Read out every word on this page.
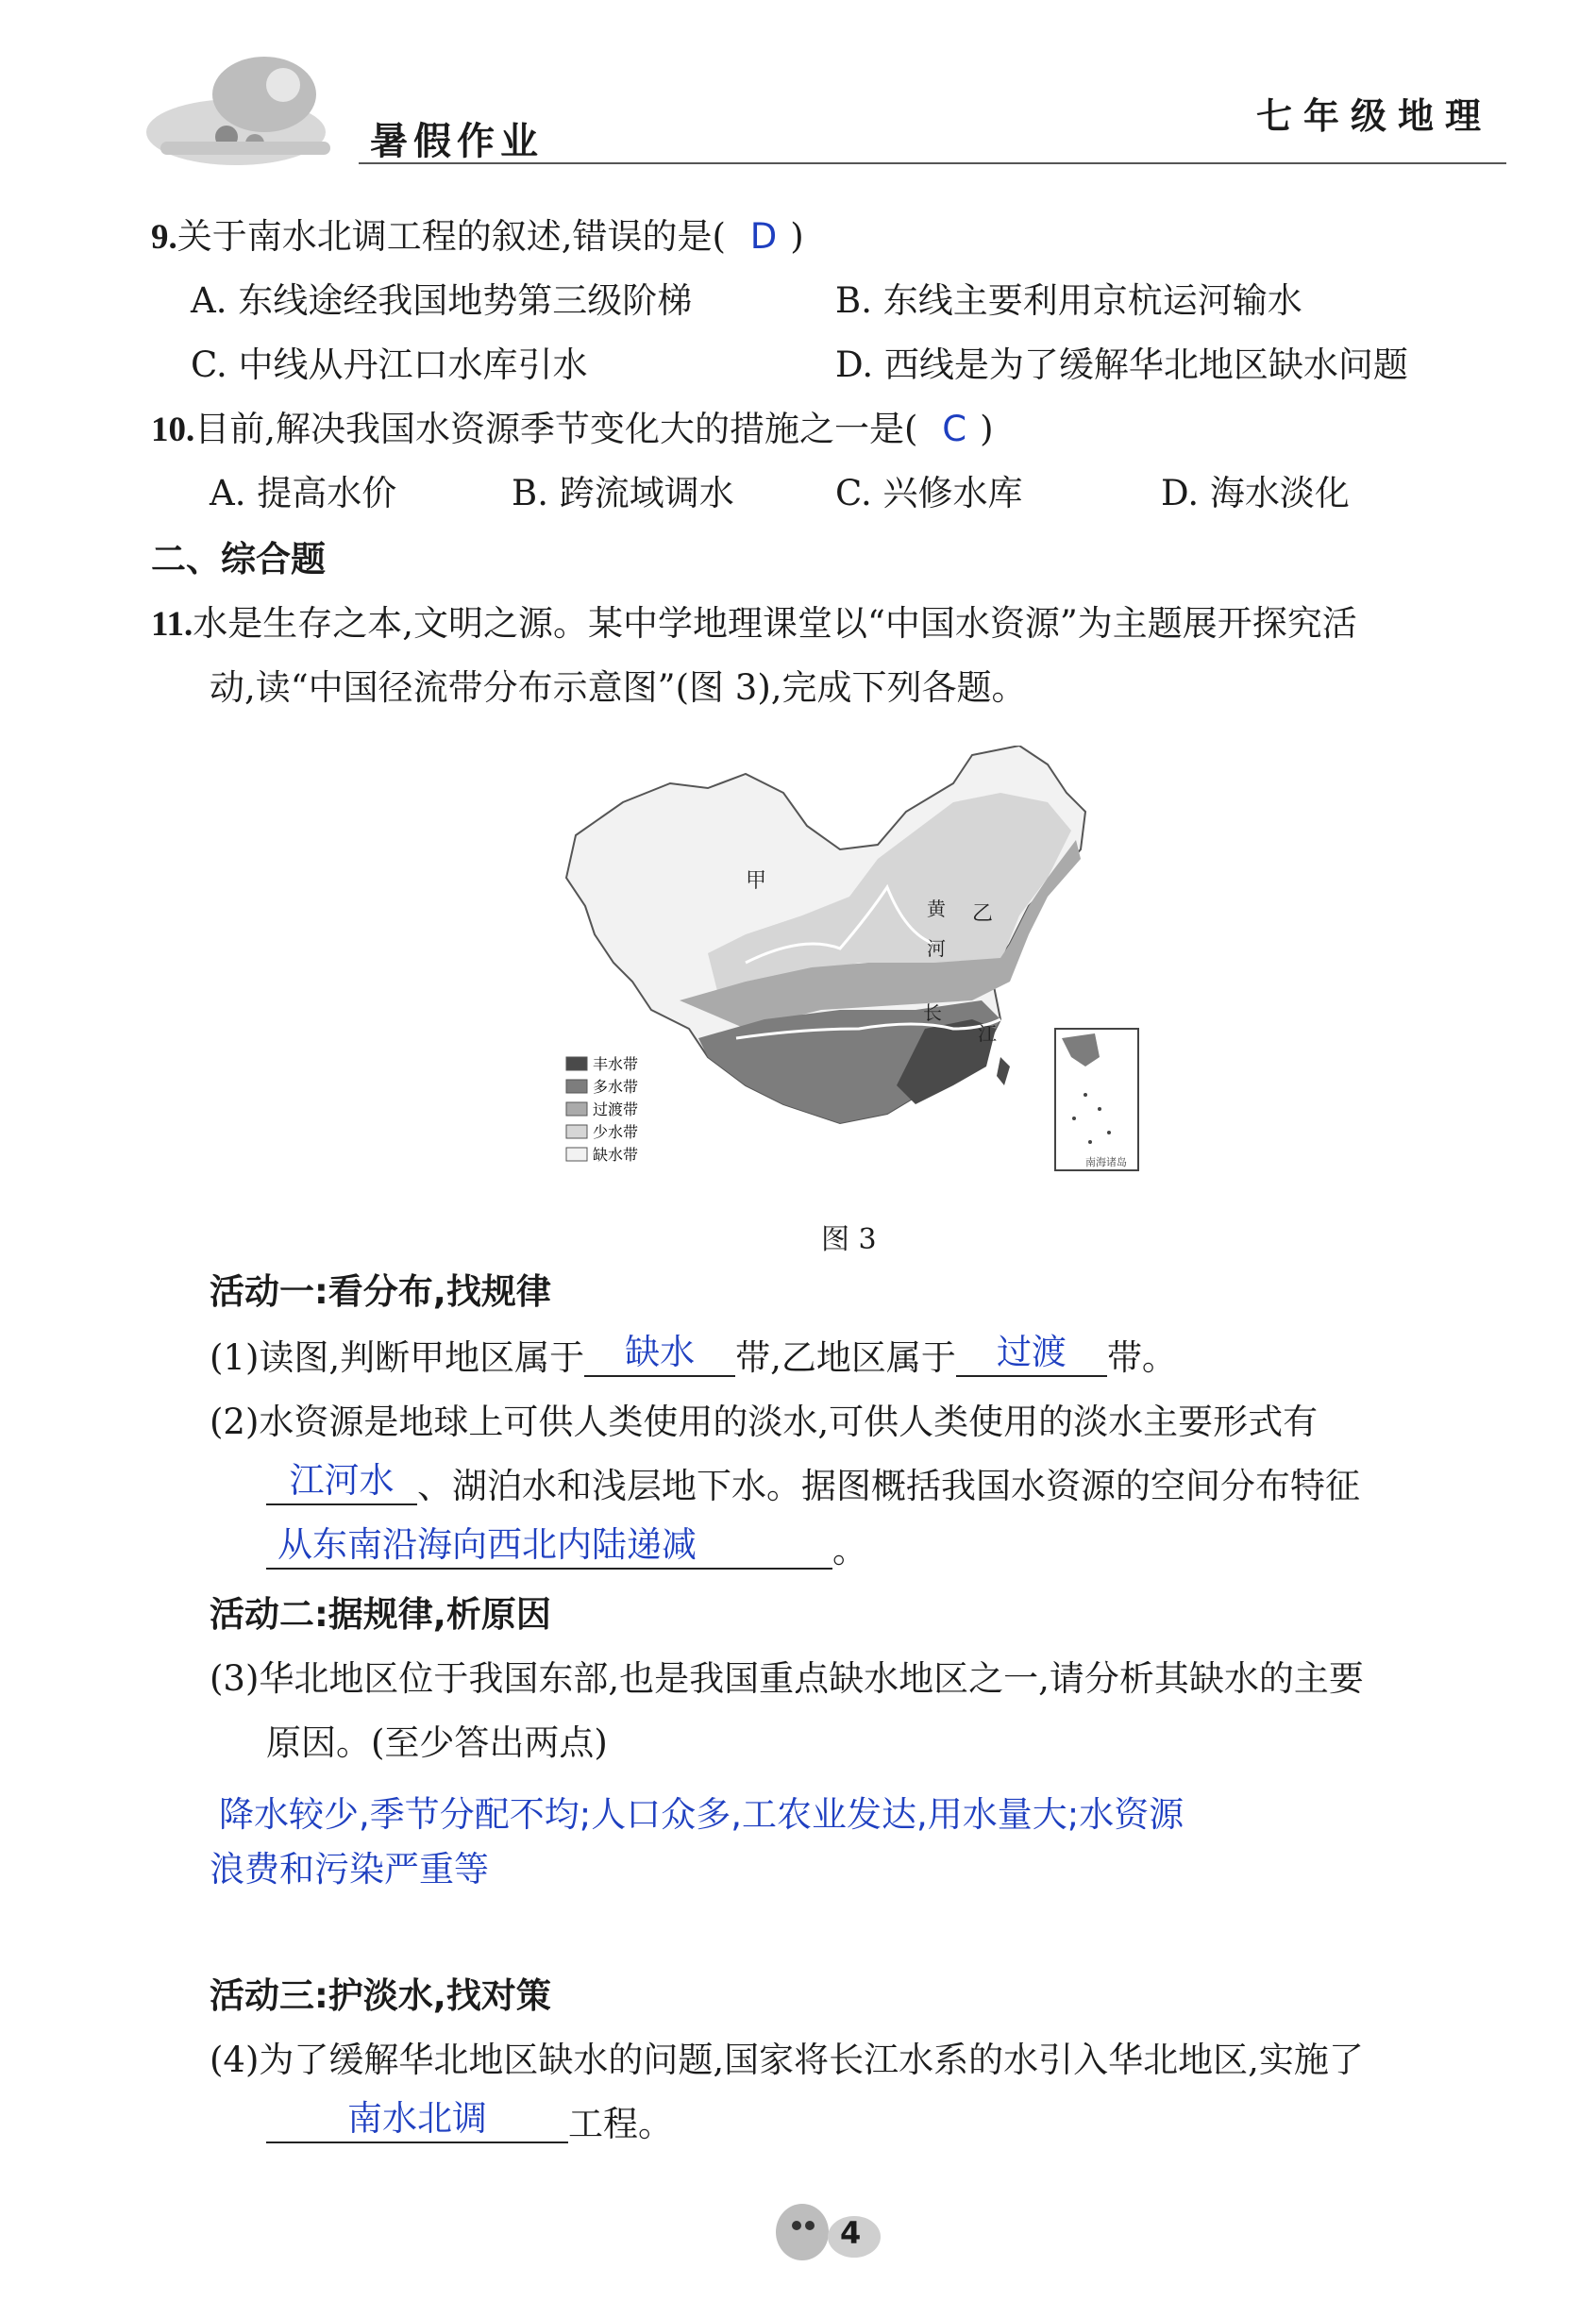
暑假作业
七年级地理
9.关于南水北调工程的叙述,错误的是( D )
A. 东线途经我国地势第三级阶梯	B. 东线主要利用京杭运河输水
C. 中线从丹江口水库引水	D. 西线是为了缓解华北地区缺水问题
10.目前,解决我国水资源季节变化大的措施之一是( C )
A. 提高水价	B. 跨流域调水	C. 兴修水库	D. 海水淡化
二、综合题
11.水是生存之本,文明之源。某中学地理课堂以“中国水资源”为主题展开探究活
动,读“中国径流带分布示意图”(图 3),完成下列各题。
甲
乙
黄
河
长
江
丰水带
多水带
过渡带
少水带
缺水带	南海诸岛
图 3
活动一:看分布,找规律
(1)读图,判断甲地区属于 缺水 带,乙地区属于 过渡 带。
(2)水资源是地球上可供人类使用的淡水,可供人类使用的淡水主要形式有
江河水 、湖泊水和浅层地下水。据图概括我国水资源的空间分布特征
从东南沿海向西北内陆递减	。
活动二:据规律,析原因
(3)华北地区位于我国东部,也是我国重点缺水地区之一,请分析其缺水的主要
原因。(至少答出两点)
降水较少,季节分配不均;人口众多,工农业发达,用水量大;水资源
浪费和污染严重等
活动三:护淡水,找对策
(4)为了缓解华北地区缺水的问题,国家将长江水系的水引入华北地区,实施了
南水北调 工程。
4
